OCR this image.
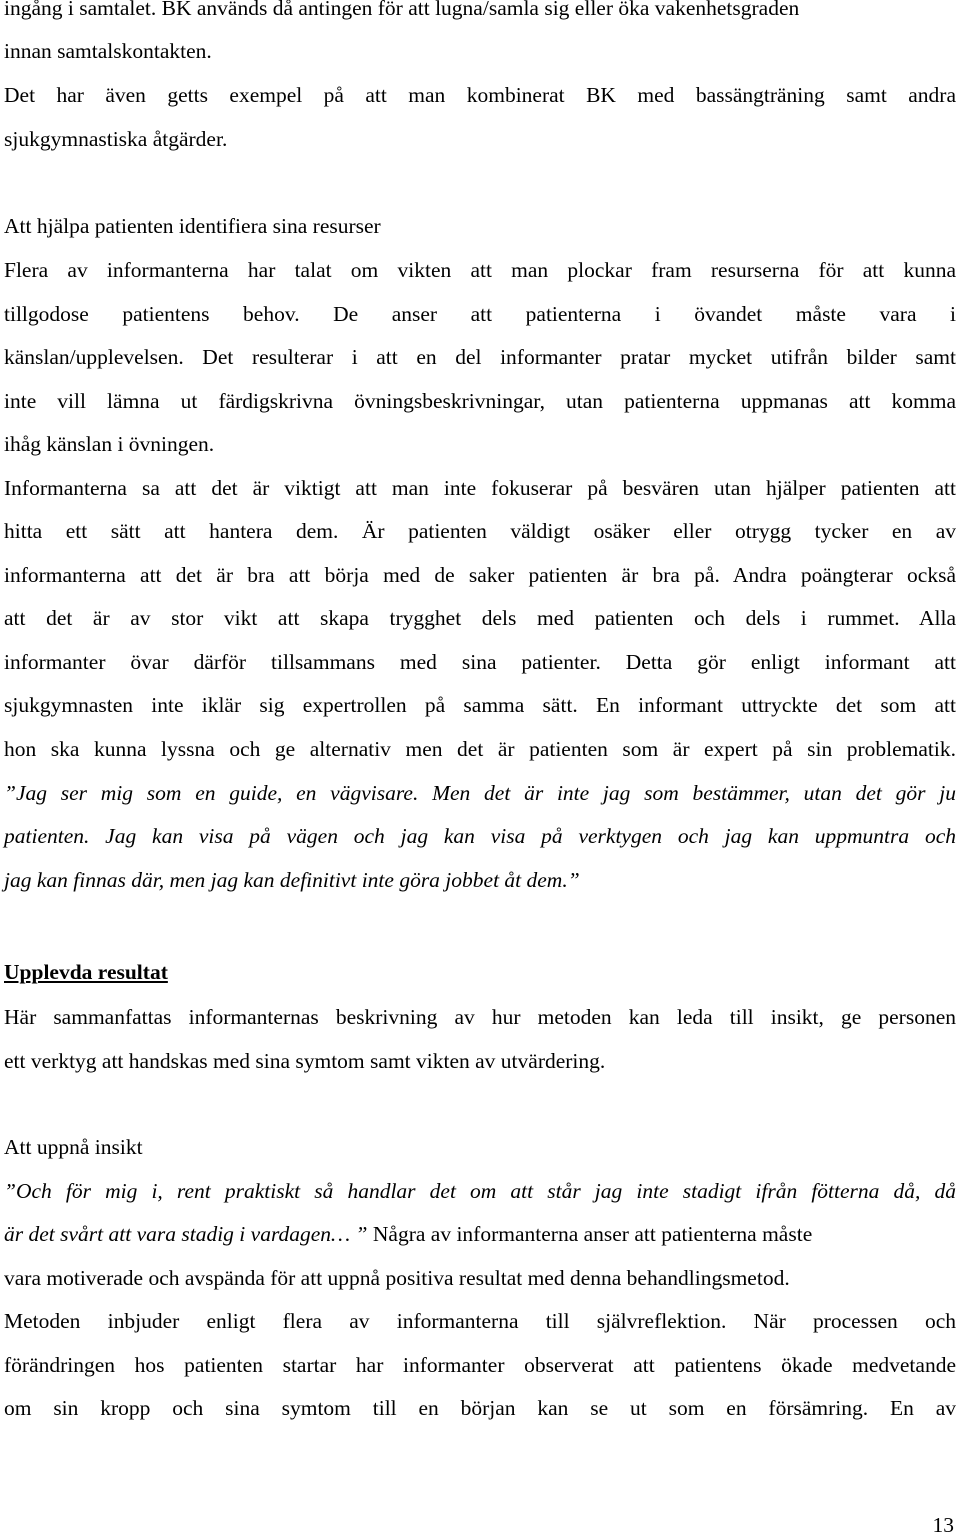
ingång i samtalet. BK används då antingen för att lugna/samla sig eller öka vakenhetsgraden
innan samtalskontakten.
Det har även getts exempel på att man kombinerat BK med bassängträning samt andra
sjukgymnastiska åtgärder.
Att hjälpa patienten identifiera sina resurser
Flera av informanterna har talat om vikten att man plockar fram resurserna för att kunna
tillgodose patientens behov. De anser att patienterna i övandet måste vara i
känslan/upplevelsen. Det resulterar i att en del informanter pratar mycket utifrån bilder samt
inte vill lämna ut färdigskrivna övningsbeskrivningar, utan patienterna uppmanas att komma
ihåg känslan i övningen.
Informanterna sa att det är viktigt att man inte fokuserar på besvären utan hjälper patienten att
hitta ett sätt att hantera dem. Är patienten väldigt osäker eller otrygg tycker en av
informanterna att det är bra att börja med de saker patienten är bra på. Andra poängterar också
att det är av stor vikt att skapa trygghet dels med patienten och dels i rummet. Alla
informanter övar därför tillsammans med sina patienter. Detta gör enligt informant att
sjukgymnasten inte iklär sig expertrollen på samma sätt. En informant uttryckte det som att
hon ska kunna lyssna och ge alternativ men det är patienten som är expert på sin problematik.
”Jag ser mig som en guide, en vägvisare. Men det är inte jag som bestämmer, utan det gör ju
patienten. Jag kan visa på vägen och jag kan visa på verktygen och jag kan uppmuntra och
jag kan finnas där, men jag kan definitivt inte göra jobbet åt dem.”
Upplevda resultat
Här sammanfattas informanternas beskrivning av hur metoden kan leda till insikt, ge personen
ett verktyg att handskas med sina symtom samt vikten av utvärdering.
Att uppnå insikt
”Och för mig i, rent praktiskt så handlar det om att står jag inte stadigt ifrån fötterna då, då
är det svårt att vara stadig i vardagen… ” Några av informanterna anser att patienterna måste
vara motiverade och avspända för att uppnå positiva resultat med denna behandlingsmetod.
Metoden inbjuder enligt flera av informanterna till självreflektion. När processen och
förändringen hos patienten startar har informanter observerat att patientens ökade medvetande
om sin kropp och sina symtom till en början kan se ut som en försämring. En av
13
